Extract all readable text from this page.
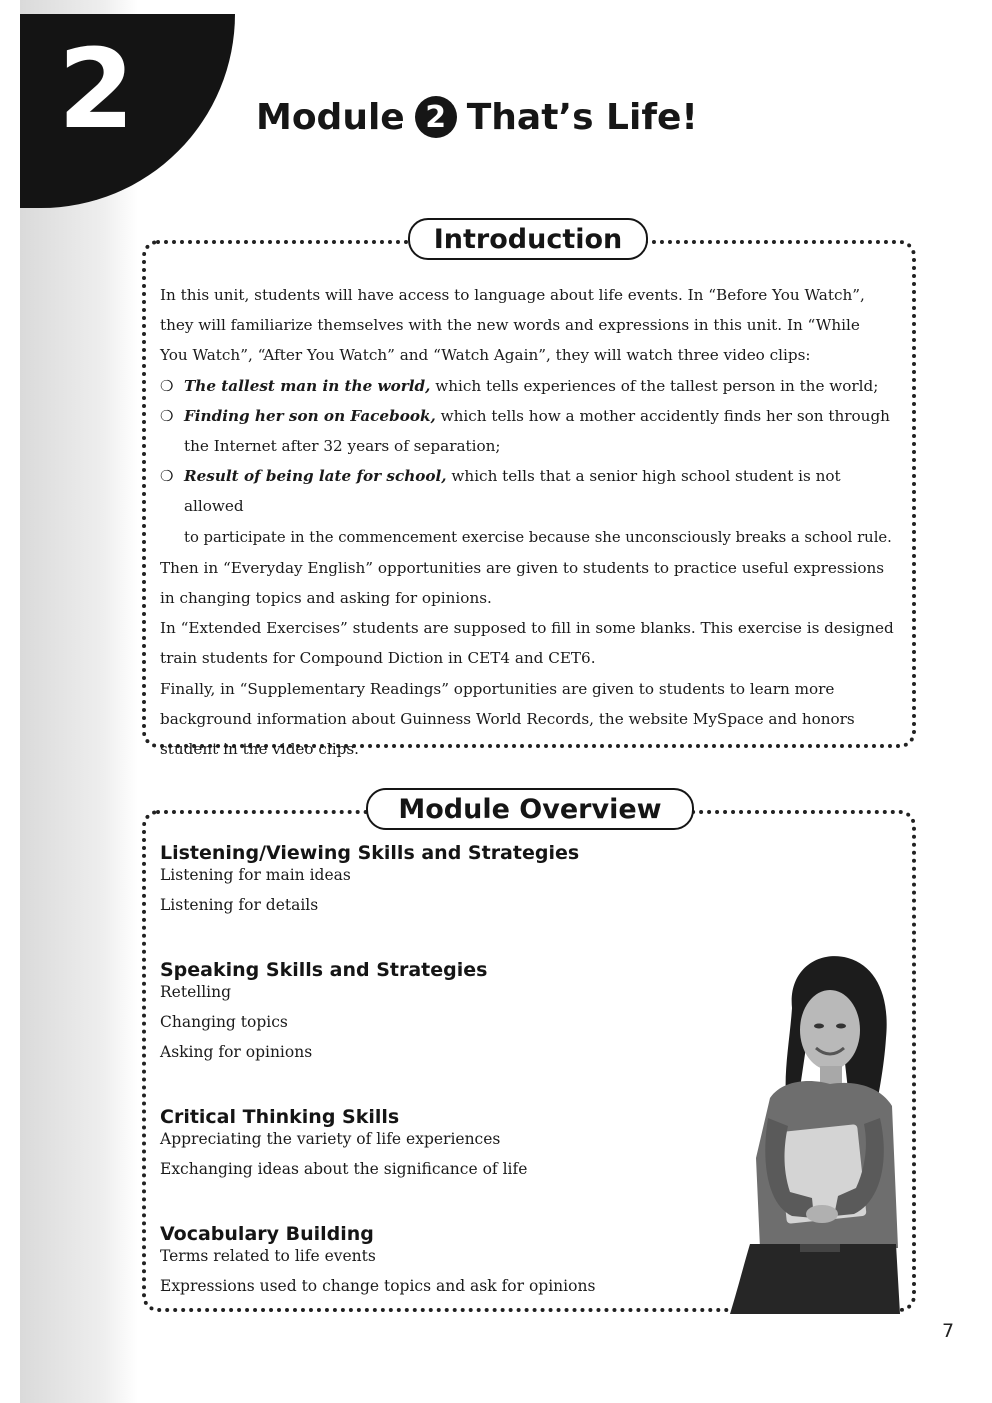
2	Module 2 That’s Life!
Introduction

In this unit, students will have access to language about life events. In “Before You Watch”,

they will familiarize themselves with the new words and expressions in this unit. In “While

You Watch”, “After You Watch” and “Watch Again”, they will watch three video clips:

❍ The tallest man in the world, which tells experiences of the tallest person in the world;
❍ Finding her son on Facebook, which tells how a mother accidently finds her son through
the Internet after 32 years of separation;
❍ Result of being late for school, which tells that a senior high school student is not allowed
to participate in the commencement exercise because she unconsciously breaks a school rule.

Then in “Everyday English” opportunities are given to students to practice useful expressions

in changing topics and asking for opinions.

In “Extended Exercises” students are supposed to fill in some blanks. This exercise is designed

train students for Compound Diction in CET4 and CET6.

Finally, in “Supplementary Readings” opportunities are given to students to learn more

background information about Guinness World Records, the website MySpace and honors

student in the video clips.

Module Overview
Listening/Viewing Skills and Strategies
Listening for main ideas
Listening for details
Speaking Skills and Strategies
Retelling
Changing topics
Asking for opinions
Critical Thinking Skills
Appreciating the variety of life experiences
Exchanging ideas about the significance of life
Vocabulary Building
Terms related to life events
Expressions used to change topics and ask for opinions
7
